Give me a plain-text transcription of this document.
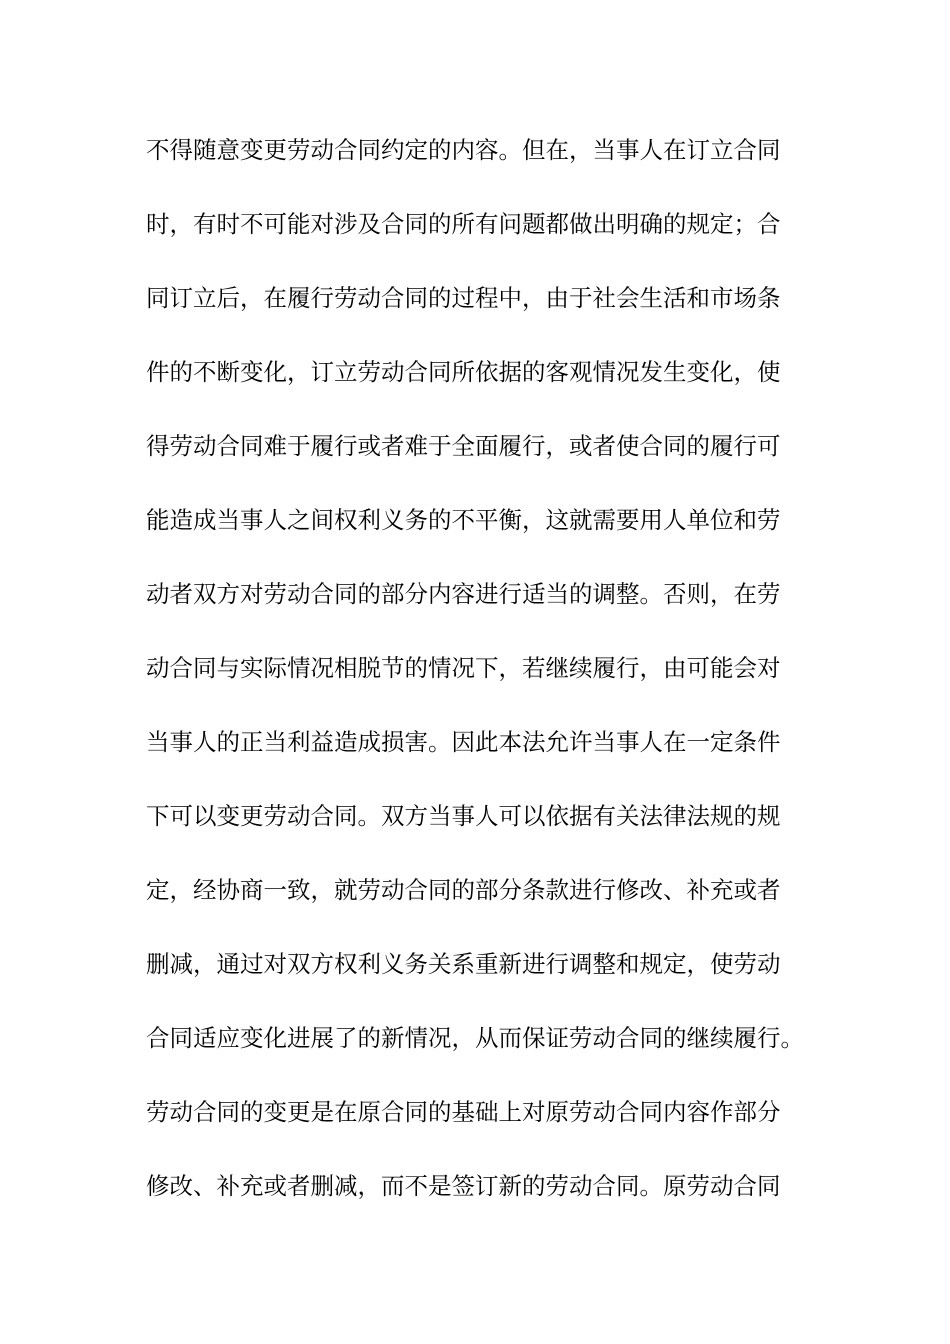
不得随意变更劳动合同约定的内容。但在，当事人在订立合同
时，有时不可能对涉及合同的所有问题都做出明确的规定；合
同订立后，在履行劳动合同的过程中，由于社会生活和市场条
件的不断变化，订立劳动合同所依据的客观情况发生变化，使
得劳动合同难于履行或者难于全面履行，或者使合同的履行可
能造成当事人之间权利义务的不平衡，这就需要用人单位和劳
动者双方对劳动合同的部分内容进行适当的调整。否则，在劳
动合同与实际情况相脱节的情况下，若继续履行，由可能会对
当事人的正当利益造成损害。因此本法允许当事人在一定条件
下可以变更劳动合同。双方当事人可以依据有关法律法规的规
定，经协商一致，就劳动合同的部分条款进行修改、补充或者
删减，通过对双方权利义务关系重新进行调整和规定，使劳动
合同适应变化进展了的新情况，从而保证劳动合同的继续履行。
劳动合同的变更是在原合同的基础上对原劳动合同内容作部分
修改、补充或者删减，而不是签订新的劳动合同。原劳动合同
